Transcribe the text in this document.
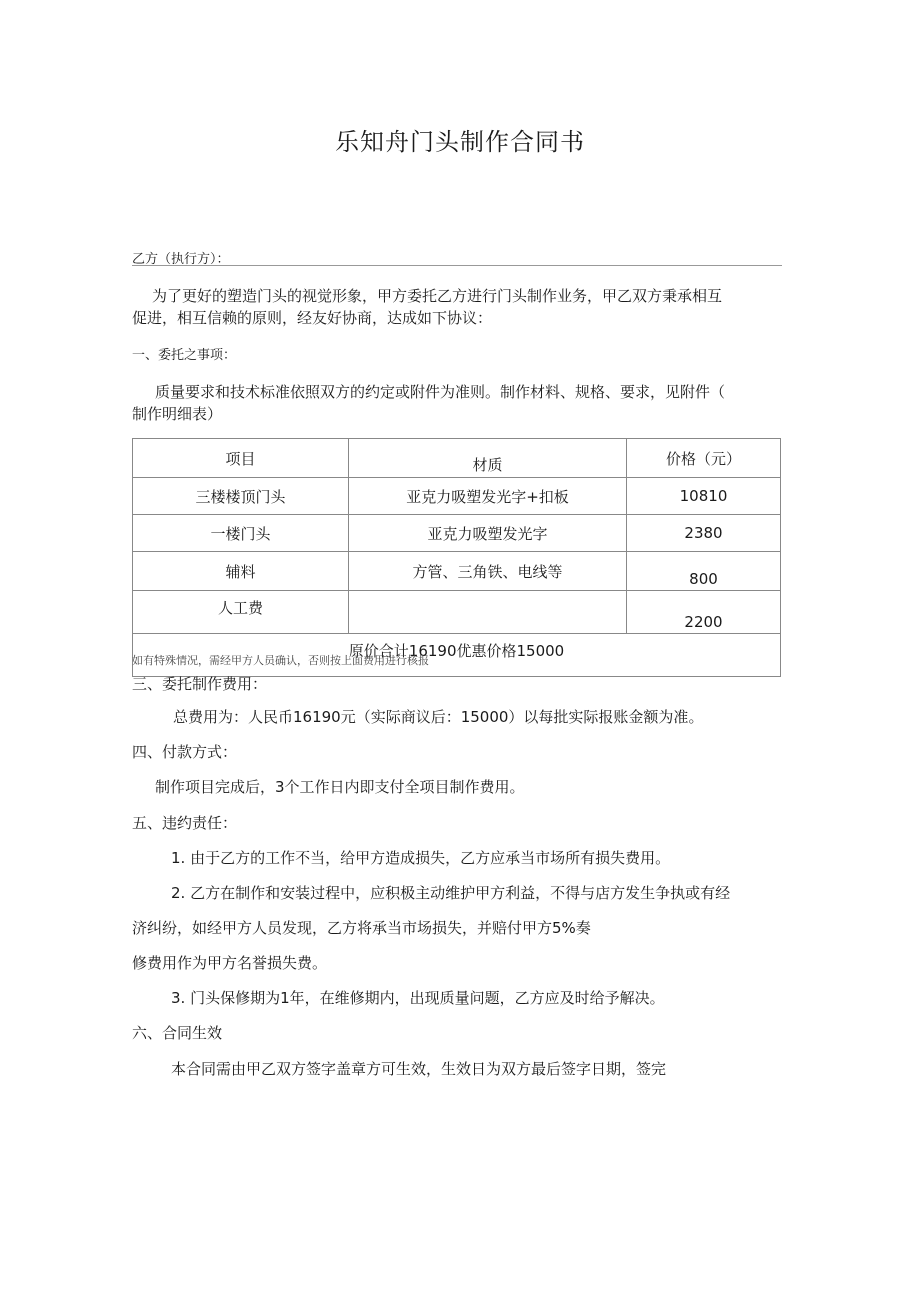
乐知舟门头制作合同书
乙方（执行方）：
为了更好的塑造门头的视觉形象，甲方委托乙方进行门头制作业务，甲乙双方秉承相互
促进，相互信赖的原则，经友好协商，达成如下协议：
一、委托之事项：
质量要求和技术标准依照双方的约定或附件为准则。制作材料、规格、要求，见附件（
制作明细表）
项目	材质	价格（元）
三楼楼顶门头	亚克力吸塑发光字+扣板	10810
一楼门头	亚克力吸塑发光字	2380
辅料	方管、三角铁、电线等	800
人工费		2200
原价合计16190优惠价格15000		
如有特殊情况，需经甲方人员确认，否则按上面费用进行核报
三、委托制作费用：
总费用为：人民币16190元（实际商议后：15000）以每批实际报账金额为准。
四、付款方式：
制作项目完成后，3个工作日内即支付全项目制作费用。
五、违约责任：
1. 由于乙方的工作不当，给甲方造成损失，乙方应承当市场所有损失费用。
2. 乙方在制作和安装过程中，应积极主动维护甲方利益，不得与店方发生争执或有经
济纠纷，如经甲方人员发现，乙方将承当市场损失，并赔付甲方5%奏
修费用作为甲方名誉损失费。
3. 门头保修期为1年，在维修期内，出现质量问题，乙方应及时给予解决。
六、合同生效
本合同需由甲乙双方签字盖章方可生效，生效日为双方最后签字日期，签完
